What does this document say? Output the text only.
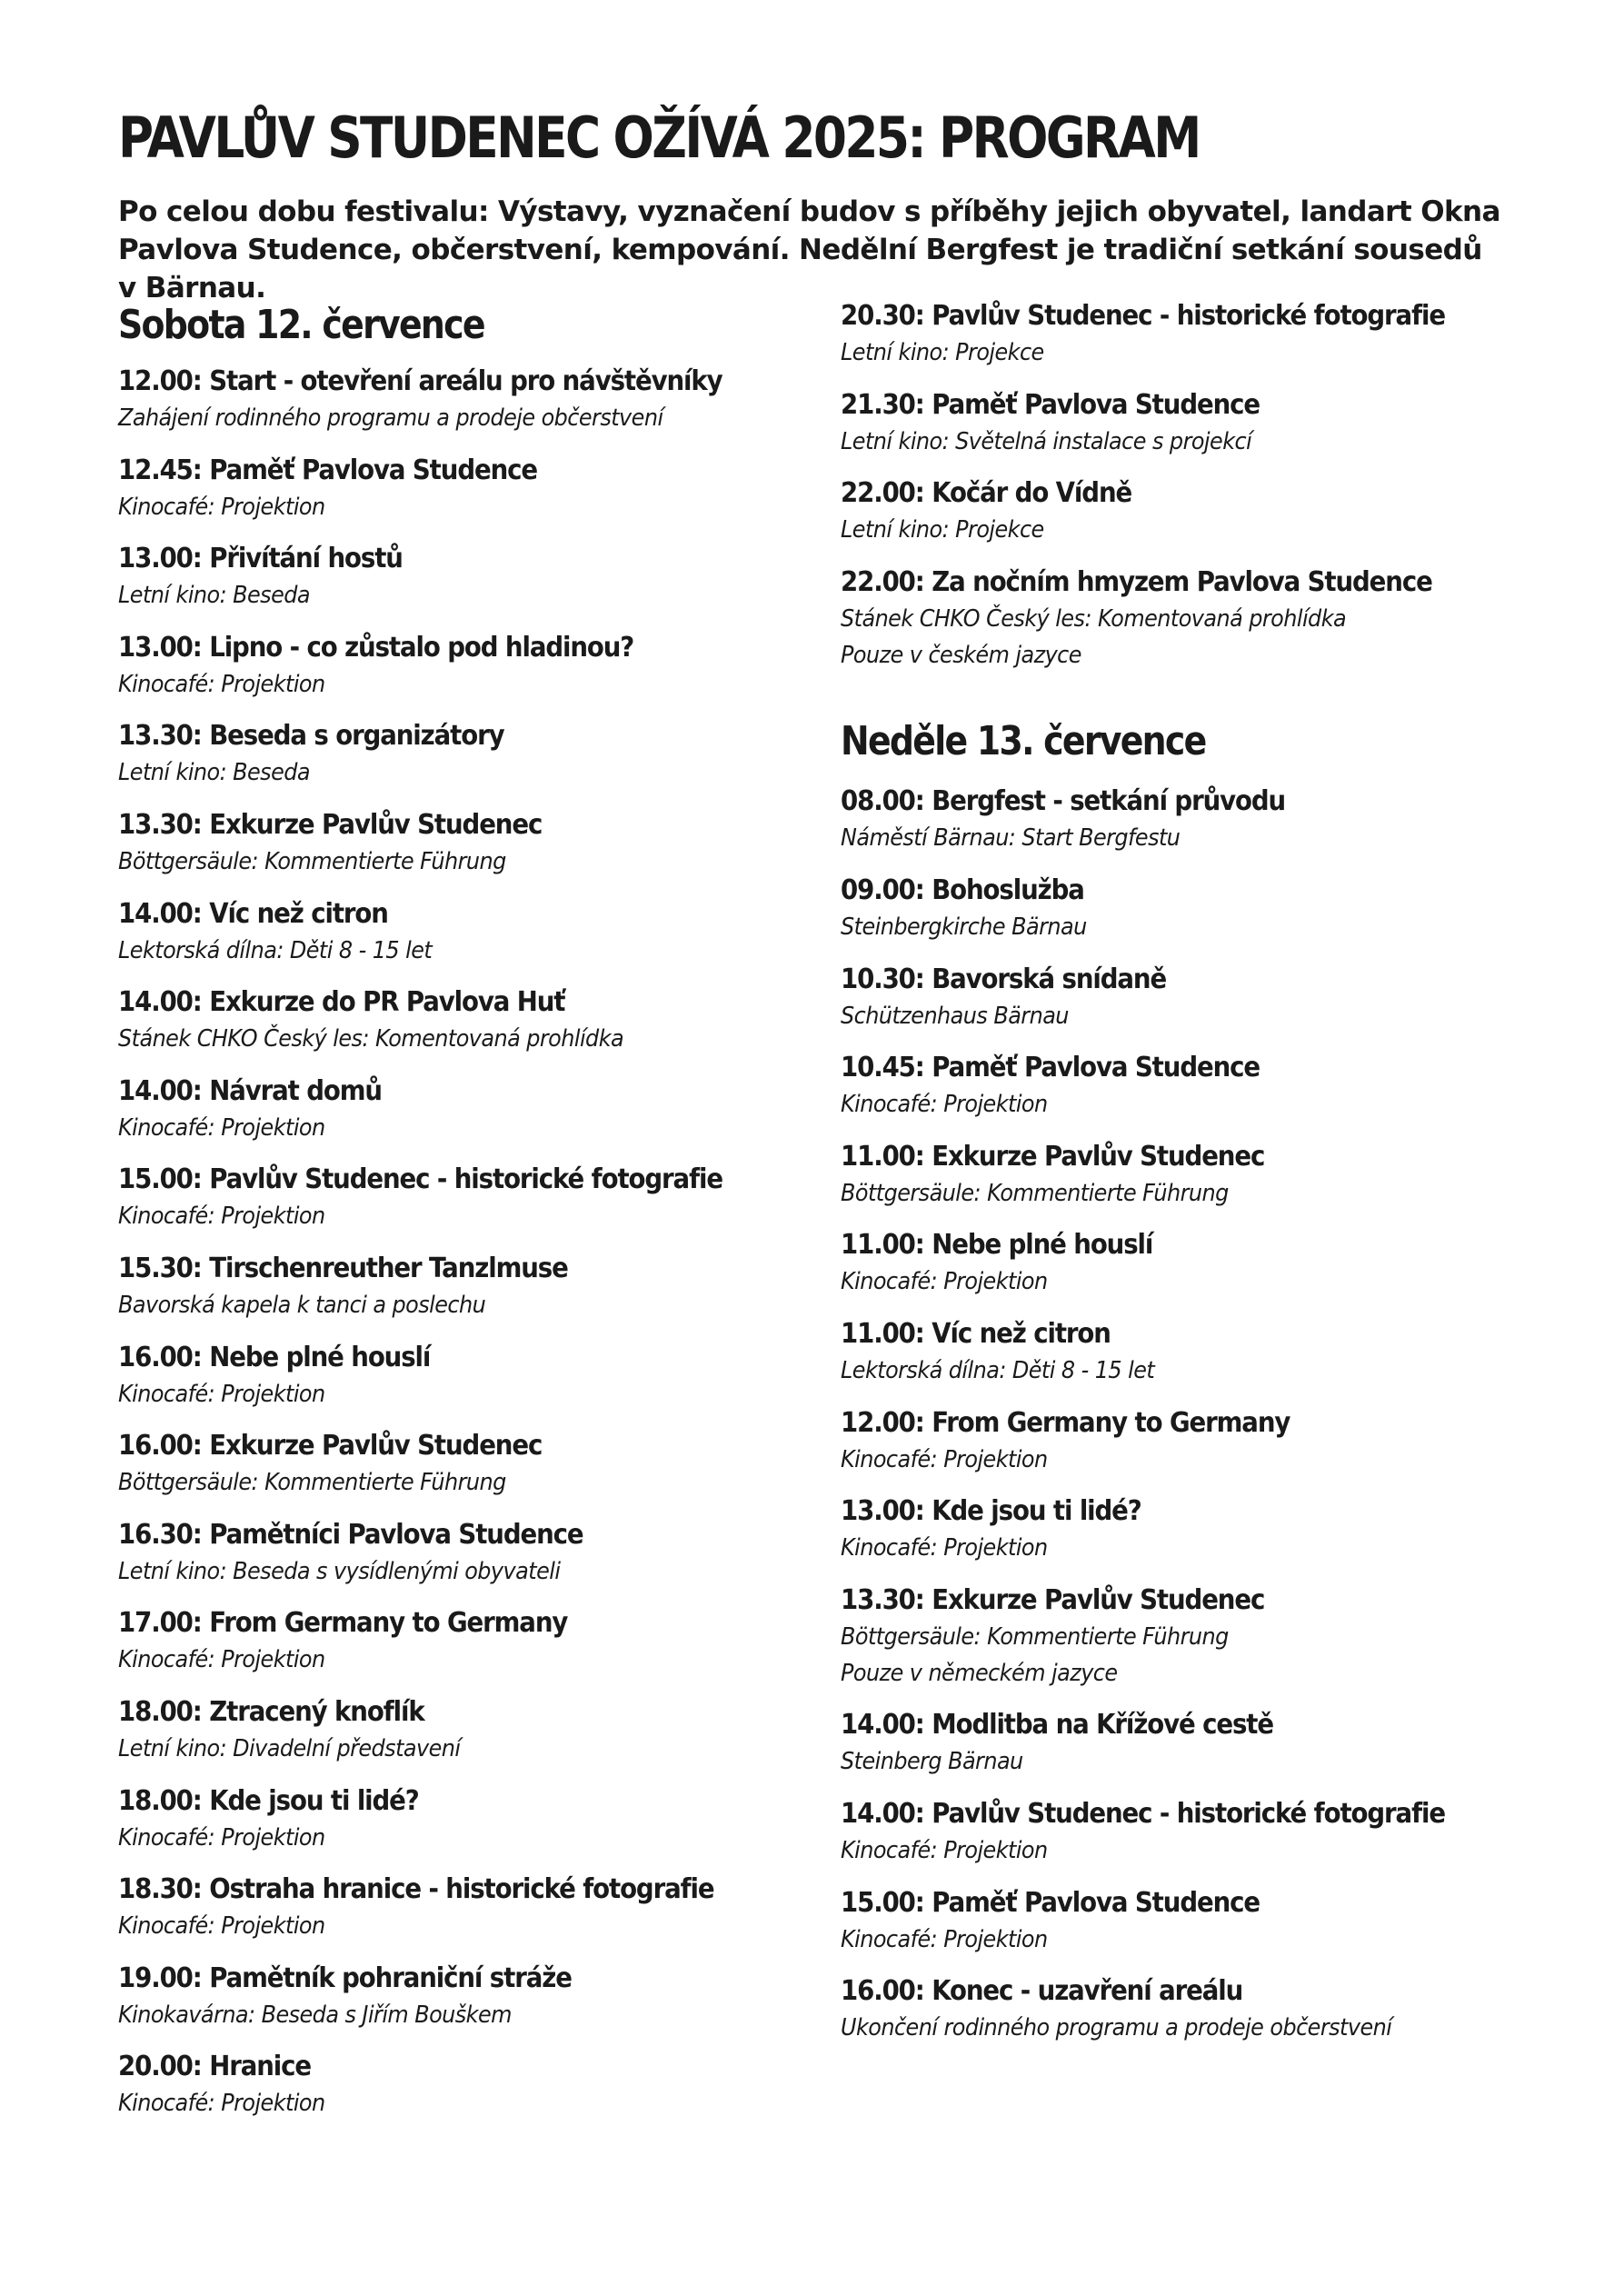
PAVLŮV STUDENEC OŽÍVÁ 2025: PROGRAM

Po celou dobu festivalu: Výstavy, vyznačení budov s příběhy jejich obyvatel, landart Okna Pavlova Studence, občerstvení, kempování. Nedělní Bergfest je tradiční setkání sousedů v Bärnau.

Sobota 12. července
12.00: Start - otevření areálu pro návštěvníky
Zahájení rodinného programu a prodeje občerstvení
12.45: Paměť Pavlova Studence
Kinocafé: Projektion
13.00: Přivítání hostů
Letní kino: Beseda
13.00: Lipno - co zůstalo pod hladinou?
Kinocafé: Projektion
13.30: Beseda s organizátory
Letní kino: Beseda
13.30: Exkurze Pavlův Studenec
Böttgersäule: Kommentierte Führung
14.00: Víc než citron
Lektorská dílna: Děti 8 - 15 let
14.00: Exkurze do PR Pavlova Huť
Stánek CHKO Český les: Komentovaná prohlídka
14.00: Návrat domů
Kinocafé: Projektion
15.00: Pavlův Studenec - historické fotografie
Kinocafé: Projektion
15.30: Tirschenreuther Tanzlmuse
Bavorská kapela k tanci a poslechu
16.00: Nebe plné houslí
Kinocafé: Projektion
16.00: Exkurze Pavlův Studenec
Böttgersäule: Kommentierte Führung
16.30: Pamětníci Pavlova Studence
Letní kino: Beseda s vysídlenými obyvateli
17.00: From Germany to Germany
Kinocafé: Projektion
18.00: Ztracený knoflík
Letní kino: Divadelní představení
18.00: Kde jsou ti lidé?
Kinocafé: Projektion
18.30: Ostraha hranice - historické fotografie
Kinocafé: Projektion
19.00: Pamětník pohraniční stráže
Kinokavárna: Beseda s Jiřím Bouškem
20.00: Hranice
Kinocafé: Projektion
20.30: Pavlův Studenec - historické fotografie
Letní kino: Projekce
21.30: Paměť Pavlova Studence
Letní kino: Světelná instalace s projekcí
22.00: Kočár do Vídně
Letní kino: Projekce
22.00: Za nočním hmyzem Pavlova Studence
Stánek CHKO Český les: Komentovaná prohlídka
Pouze v českém jazyce
Neděle 13. července
08.00: Bergfest - setkání průvodu
Náměstí Bärnau: Start Bergfestu
09.00: Bohoslužba
Steinbergkirche Bärnau
10.30: Bavorská snídaně
Schützenhaus Bärnau
10.45: Paměť Pavlova Studence
Kinocafé: Projektion
11.00: Exkurze Pavlův Studenec
Böttgersäule: Kommentierte Führung
11.00: Nebe plné houslí
Kinocafé: Projektion
11.00: Víc než citron
Lektorská dílna: Děti 8 - 15 let
12.00: From Germany to Germany
Kinocafé: Projektion
13.00: Kde jsou ti lidé?
Kinocafé: Projektion
13.30: Exkurze Pavlův Studenec
Böttgersäule: Kommentierte Führung
Pouze v německém jazyce
14.00: Modlitba na Křížové cestě
Steinberg Bärnau
14.00: Pavlův Studenec - historické fotografie
Kinocafé: Projektion
15.00: Paměť Pavlova Studence
Kinocafé: Projektion
16.00: Konec - uzavření areálu
Ukončení rodinného programu a prodeje občerstvení
